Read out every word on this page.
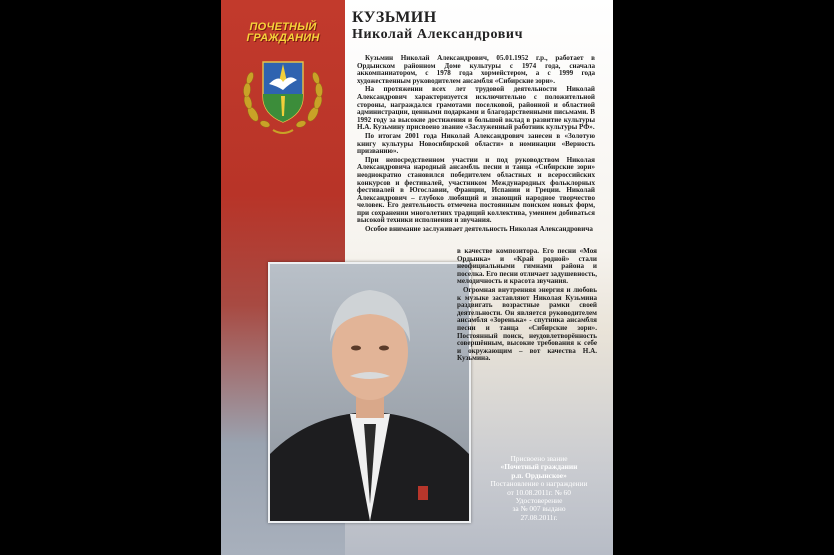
ПОЧЕТНЫЙ
ГРАЖДАНИН
КУЗЬМИН
Николай Александрович

Кузьмин Николай Александрович, 05.01.1952 г.р., работает в Ордынском районном Доме культуры с 1974 года, сначала аккомпаниатором, с 1978 года хормейстером, а с 1999 года художественным руководителем ансамбля «Сибирские зори».

На протяжении всех лет трудовой деятельности Николай Александрович характеризуется исключительно с положительной стороны, награждался грамотами поселковой, районной и областной администрации, ценными подарками и благодарственными письмами. В 1992 году за высокие достижения и большой вклад в развитие культуры Н.А. Кузьмину присвоено звание «Заслуженный работник культуры РФ».

По итогам 2001 года Николай Александрович занесен в «Золотую книгу культуры Новосибирской области» в номинации «Верность призванию».

При непосредственном участии и под руководством Николая Александровича народный ансамбль песни и танца «Сибирские зори» неоднократно становился победителем областных и всероссийских конкурсов и фестивалей, участником Международных фольклорных фестивалей в Югославии, Франции, Испании и Греции. Николай Александрович – глубоко любящий и знающий народное творчество человек. Его деятельность отмечена постоянным поиском новых форм, при сохранении многолетних традиций коллектива, умением добиваться высокой техники исполнения и звучания.

Особое внимание заслуживает деятельность Николая Александровича

в качестве композитора. Его песни «Моя Ордынка» и «Край родной» стали неофициальными гимнами района и поселка. Его песни отличает задушевность, мелодичность и красота звучания.

Огромная внутренняя энергия и любовь к музыке заставляют Николая Кузьмина раздвигать возрастные рамки своей деятельности. Он является руководителем ансамбля «Зоренька» - спутника ансамбля песни и танца «Сибирские зори». Постоянный поиск, неудовлетворённость совершённым, высокие требования к себе и окружающим – вот качества Н.А. Кузьмина.

Присвоено звание
«Почетный гражданин
р.п. Ордынское»
Постановление о награждении
от 10.08.2011г. № 60
Удостоверение
за № 007 выдано
27.08.2011г.
